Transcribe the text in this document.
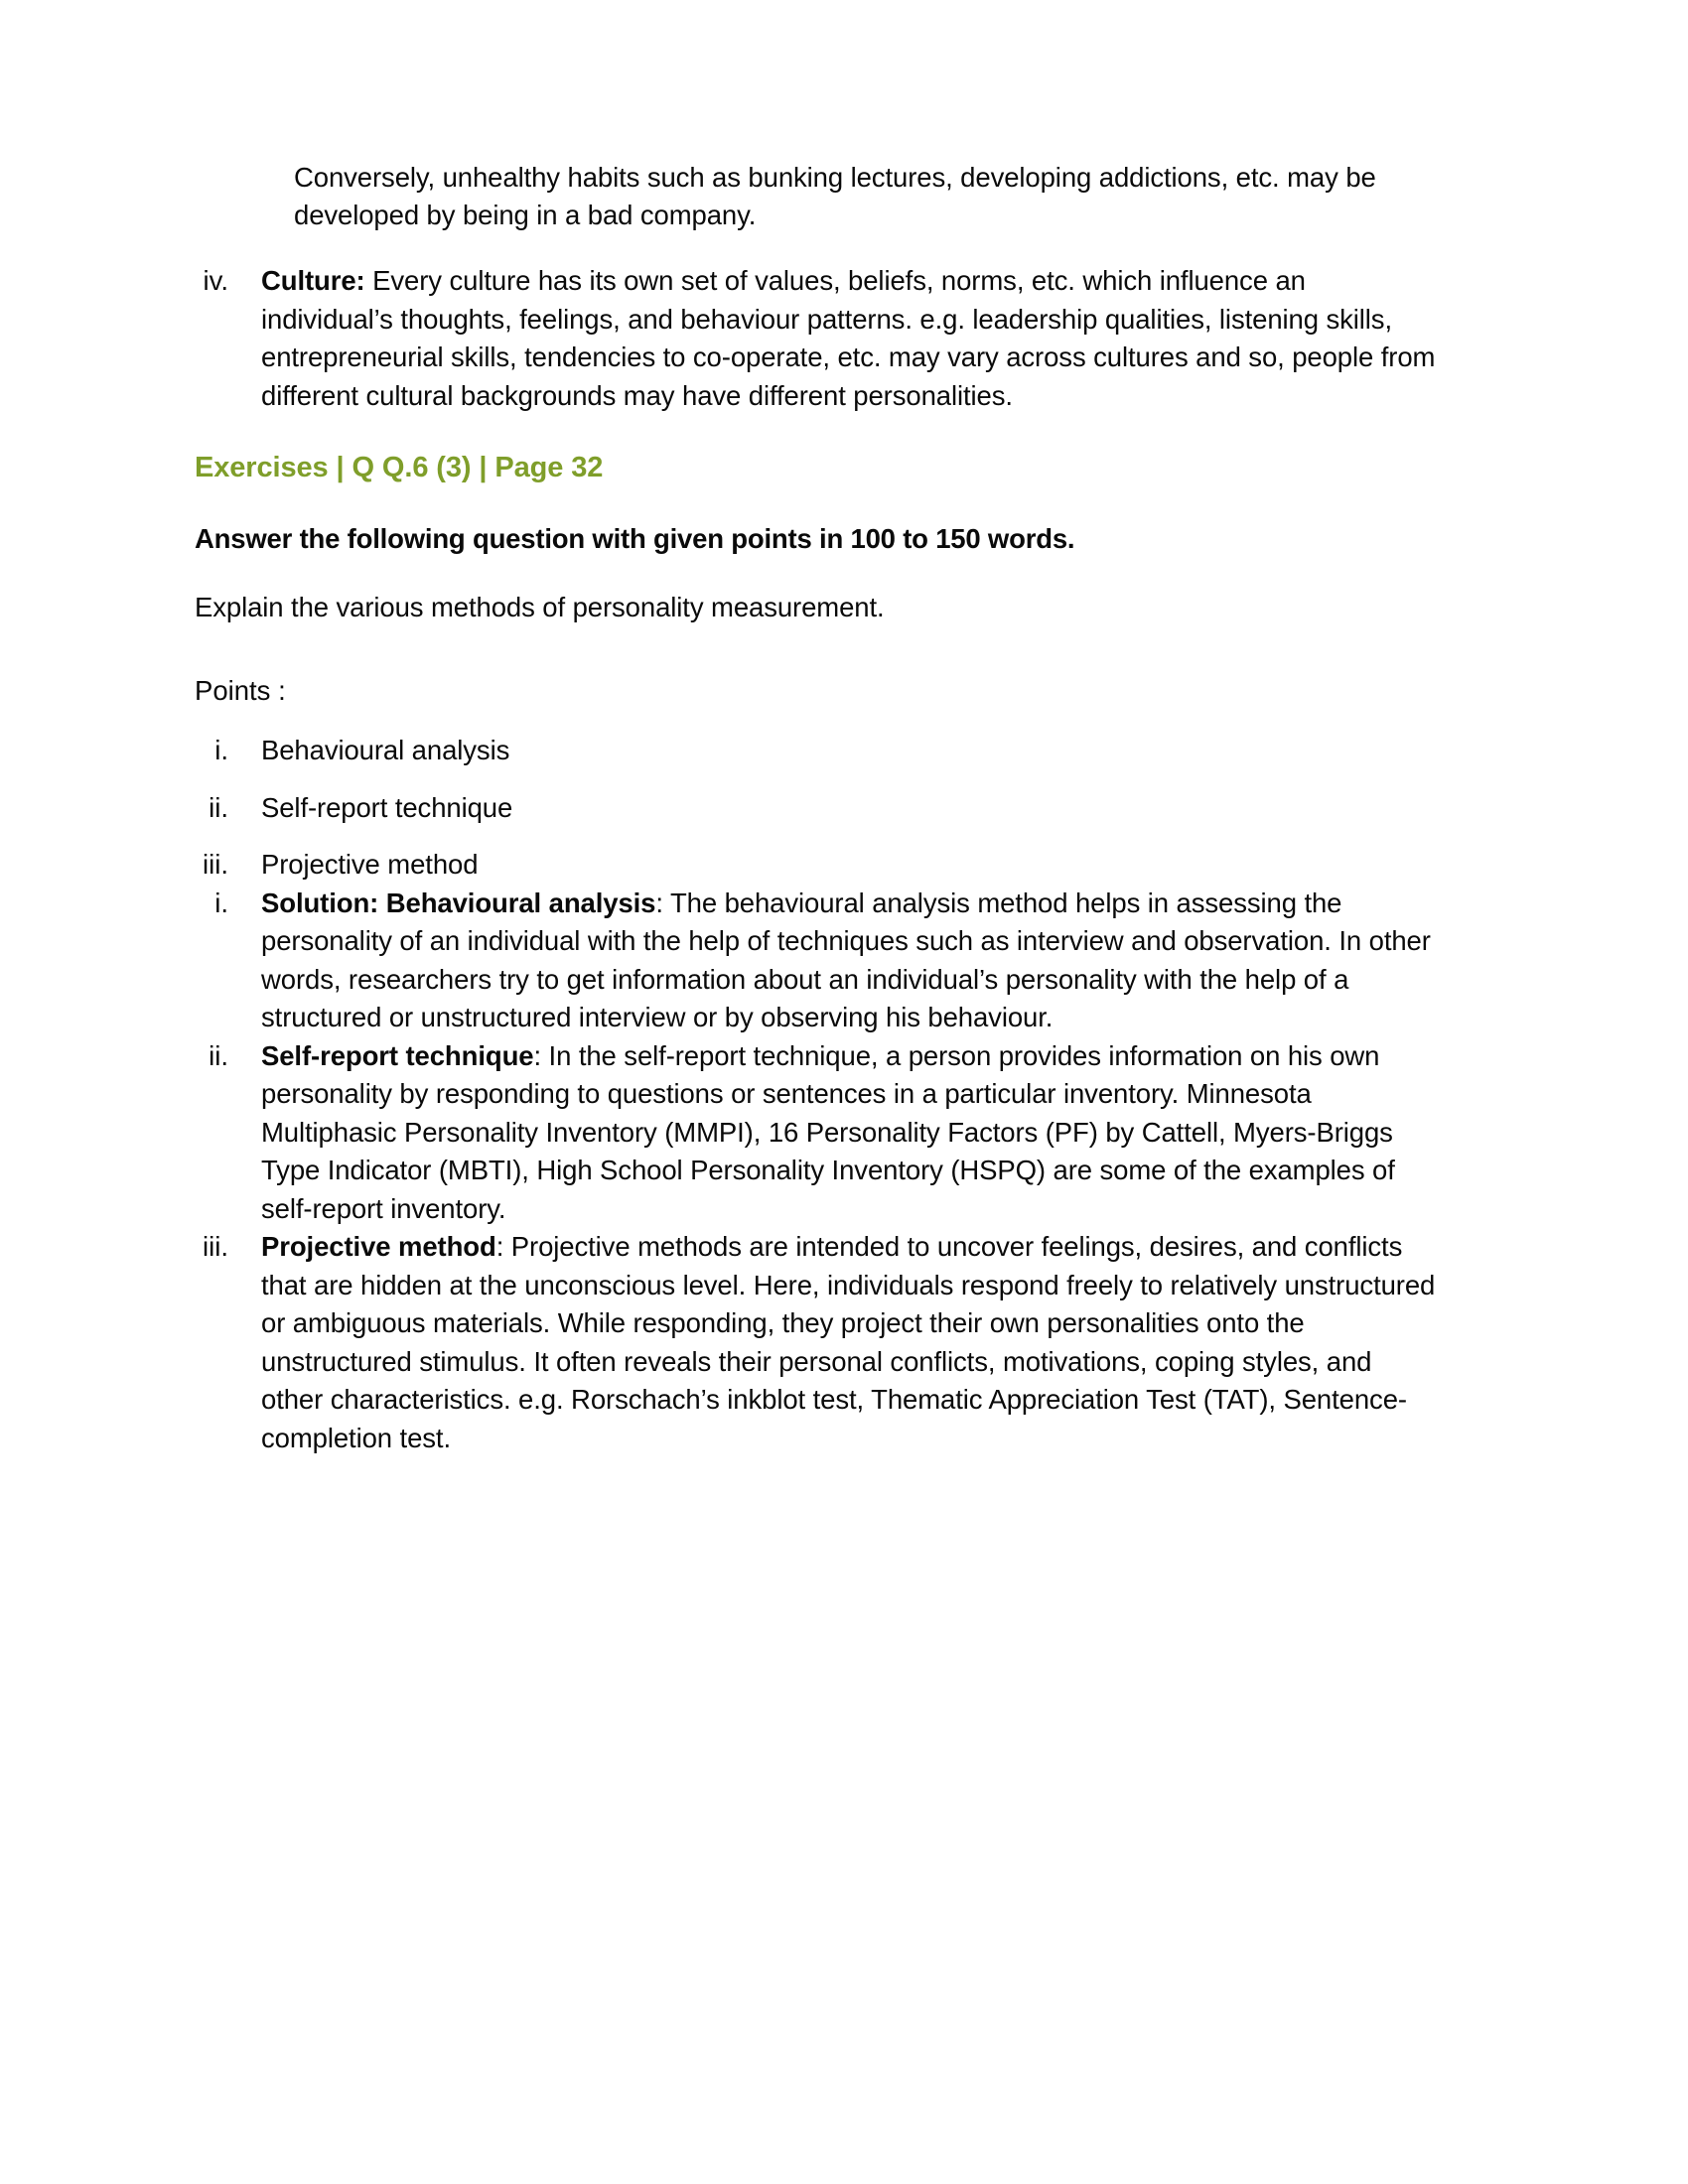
Conversely, unhealthy habits such as bunking lectures, developing addictions, etc. may be developed by being in a bad company.

iv.	Culture: Every culture has its own set of values, beliefs, norms, etc. which influence an individual’s thoughts, feelings, and behaviour patterns. e.g. leadership qualities, listening skills, entrepreneurial skills, tendencies to co-operate, etc. may vary across cultures and so, people from different cultural backgrounds may have different personalities.

Exercises | Q Q.6 (3) | Page 32

Answer the following question with given points in 100 to 150 words.

Explain the various methods of personality measurement.

Points :

i.	Behavioural analysis
ii.	Self-report technique
iii.	Projective method
i.	Solution: Behavioural analysis: The behavioural analysis method helps in assessing the personality of an individual with the help of techniques such as interview and observation. In other words, researchers try to get information about an individual’s personality with the help of a structured or unstructured interview or by observing his behaviour.
ii.	Self-report technique: In the self-report technique, a person provides information on his own personality by responding to questions or sentences in a particular inventory. Minnesota Multiphasic Personality Inventory (MMPI), 16 Personality Factors (PF) by Cattell, Myers-Briggs Type Indicator (MBTI), High School Personality Inventory (HSPQ) are some of the examples of self-report inventory.
iii.	Projective method: Projective methods are intended to uncover feelings, desires, and conflicts that are hidden at the unconscious level. Here, individuals respond freely to relatively unstructured or ambiguous materials. While responding, they project their own personalities onto the unstructured stimulus. It often reveals their personal conflicts, motivations, coping styles, and other characteristics. e.g. Rorschach’s inkblot test, Thematic Appreciation Test (TAT), Sentence-completion test.
